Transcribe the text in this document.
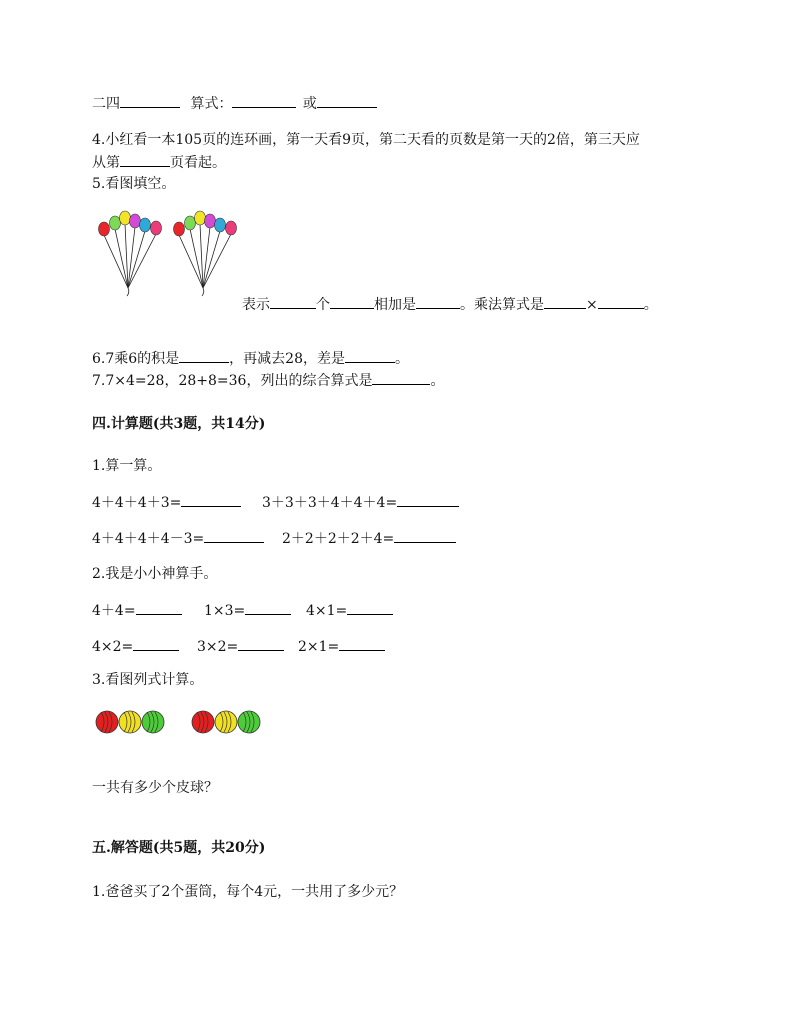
二四	算式：	或
4.小红看一本105页的连环画，第一天看9页，第二天看的页数是第一天的2倍，第三天应
从第	页看起。
5.看图填空。
表示	个	相加是	。乘法算式是	×	。
6.7乘6的积是	，再减去28，差是	。
7.7×4=28，28+8=36，列出的综合算式是	。
四.计算题(共3题，共14分)
1.算一算。
4＋4＋4＋3=	3＋3＋3＋4＋4＋4=
4＋4＋4＋4－3=	2＋2＋2＋2＋4=
2.我是小小神算手。
4＋4=	1×3=	4×1=
4×2=	3×2=	2×1=
3.看图列式计算。
一共有多少个皮球？
五.解答题(共5题，共20分)
1.爸爸买了2个蛋筒，每个4元，一共用了多少元？
